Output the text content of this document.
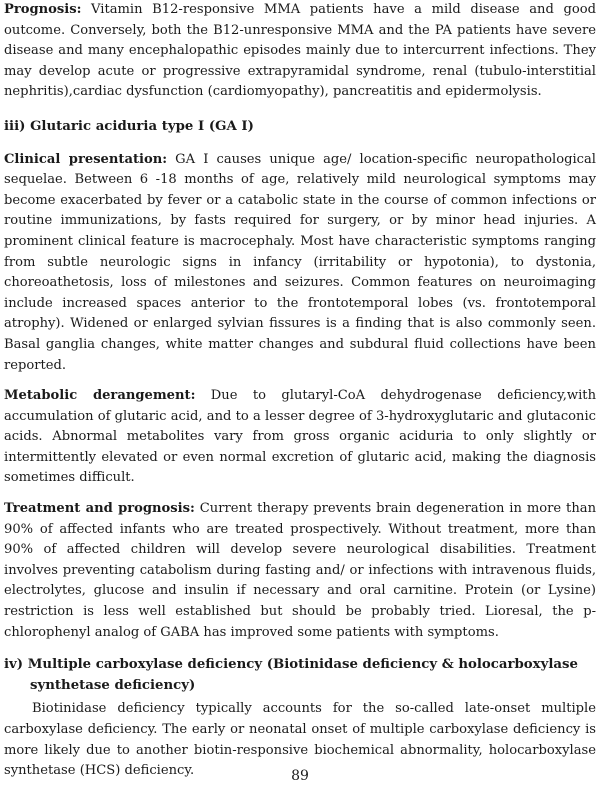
Prognosis: Vitamin B12-responsive MMA patients have a mild disease and good outcome. Conversely, both the B12-unresponsive MMA and the PA patients have severe disease and many encephalopathic episodes mainly due to intercurrent infections. They may develop acute or progressive extrapyramidal syndrome, renal (tubulo-interstitial nephritis),cardiac dysfunction (cardiomyopathy), pancreatitis and epidermolysis.

iii) Glutaric aciduria type I (GA I)

Clinical presentation: GA I causes unique age/ location-specific neuropathological sequelae. Between 6 -18 months of age, relatively mild neurological symptoms may become exacerbated by fever or a catabolic state in the course of common infections or routine immunizations, by fasts required for surgery, or by minor head injuries. A prominent clinical feature is macrocephaly. Most have characteristic symptoms ranging from subtle neurologic signs in infancy (irritability or hypotonia), to dystonia, choreoathetosis, loss of milestones and seizures. Common features on neuroimaging include increased spaces anterior to the frontotemporal lobes (vs. frontotemporal atrophy). Widened or enlarged sylvian fissures is a finding that is also commonly seen. Basal ganglia changes, white matter changes and subdural fluid collections have been reported.

Metabolic derangement: Due to glutaryl-CoA dehydrogenase deficiency,with accumulation of glutaric acid, and to a lesser degree of 3-hydroxyglutaric and glutaconic acids. Abnormal metabolites vary from gross organic aciduria to only slightly or intermittently elevated or even normal excretion of glutaric acid, making the diagnosis sometimes difficult.

Treatment and prognosis: Current therapy prevents brain degeneration in more than 90% of affected infants who are treated prospectively. Without treatment, more than 90% of affected children will develop severe neurological disabilities. Treatment involves preventing catabolism during fasting and/ or infections with intravenous fluids, electrolytes, glucose and insulin if necessary and oral carnitine. Protein (or Lysine) restriction is less well established but should be probably tried. Lioresal, the p- chlorophenyl analog of GABA has improved some patients with symptoms.

iv) Multiple carboxylase deficiency (Biotinidase deficiency & holocarboxylase synthetase deficiency)

Biotinidase deficiency typically accounts for the so-called late-onset multiple carboxylase deficiency. The early or neonatal onset of multiple carboxylase deficiency is more likely due to another biotin-responsive biochemical abnormality, holocarboxylase synthetase (HCS) deficiency.	89
